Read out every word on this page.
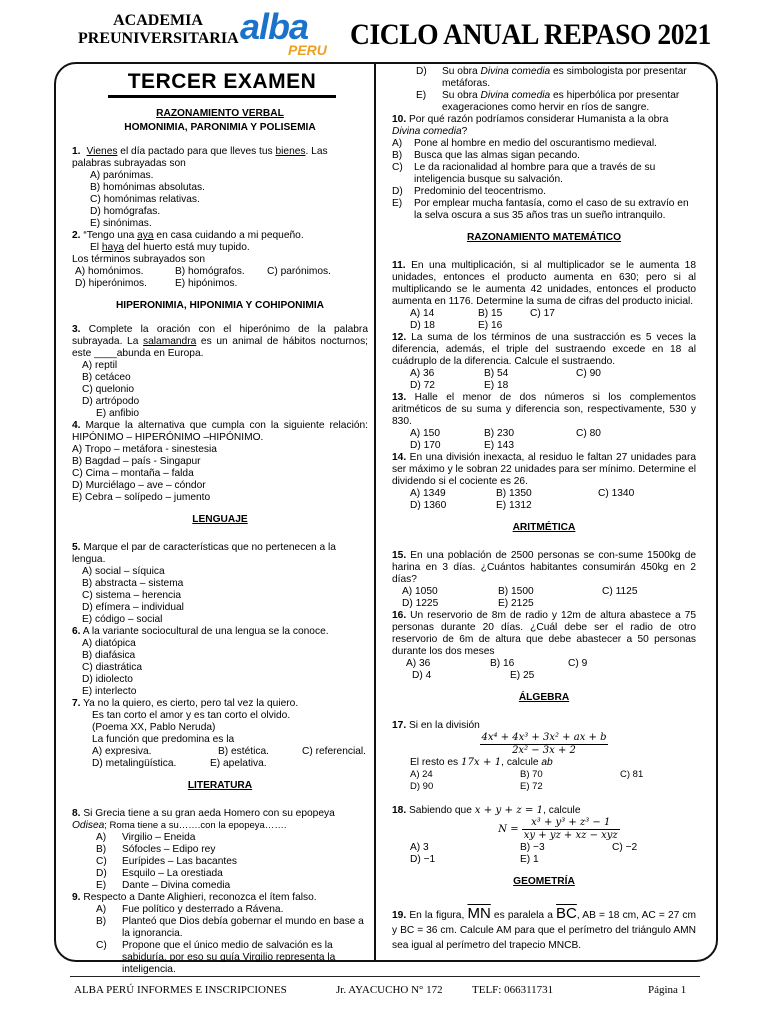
ACADEMIA
PREUNIVERSITARIA alba
PERU CICLO ANUAL REPASO 2021
TERCER EXAMEN
RAZONAMIENTO VERBAL
HOMONIMIA, PARONIMIA Y POLISEMIA
1. Vienes el día pactado para que lleves tus bienes. Las palabras subrayadas son
A) parónimas.
B) homónimas absolutas.
C) homónimas relativas.
D) homógrafas.
E) sinónimas.
2. “Tengo una aya en casa cuidando a mi pequeño.
El haya del huerto está muy tupido.
Los términos subrayados son
A) homónimos.	B) homógrafos.	C) parónimos.
D) hiperónimos.	E) hipónimos.
HIPERONIMIA, HIPONIMIA Y COHIPONIMIA
3. Complete la oración con el hiperónimo de la palabra subrayada. La salamandra es un animal de hábitos nocturnos; este ____abunda en Europa.
A) reptil
B) cetáceo
C) quelonio
D) artrópodo
E) anfibio
4. Marque la alternativa que cumpla con la siguiente relación: HIPÓNIMO – HIPERÓNIMO –HIPÓNIMO.
A) Tropo – metáfora - sinestesia
B) Bagdad – país - Singapur
C) Cima – montaña – falda
D) Murciélago – ave – cóndor
E) Cebra – solípedo – jumento
LENGUAJE
5. Marque el par de características que no pertenecen a la lengua.
A) social – síquica
B) abstracta – sistema
C) sistema – herencia
D) efímera – individual
E) código – social
6. A la variante sociocultural de una lengua se la conoce.
A) diatópica
B) diafásica
C) diastrática
D) idiolecto
E) interlecto
7. Ya no la quiero, es cierto, pero tal vez la quiero.
Es tan corto el amor y es tan corto el olvido.
(Poema XX, Pablo Neruda)
La función que predomina es la
A) expresiva.	B) estética.	C) referencial.
D) metalingüística.	E) apelativa.
LITERATURA
8. Si Grecia tiene a su gran aeda Homero con su epopeya Odisea; Roma tiene a su…….con la epopeya…….
A)	Virgilio – Eneida
B)	Sófocles – Edipo rey
C)	Eurípides – Las bacantes
D)	Esquilo – La orestiada
E)	Dante – Divina comedia
9. Respecto a Dante Alighieri, reconozca el ítem falso.
A)	Fue político y desterrado a Rávena.
B)	Planteó que Dios debía gobernar el mundo en base a la ignorancia.
C)	Propone que el único medio de salvación es la sabiduría, por eso su guía Virgilio representa la inteligencia.
D)	Su obra Divina comedia es simbologista por presentar metáforas.
E)	Su obra Divina comedia es hiperbólica por presentar exageraciones como hervir en ríos de sangre.
10. Por qué razón podríamos considerar Humanista a la obra Divina comedia?
A)	Pone al hombre en medio del oscurantismo medieval.
B)	Busca que las almas sigan pecando.
C)	Le da racionalidad al hombre para que a través de su inteligencia busque su salvación.
D)	Predominio del teocentrismo.
E)	Por emplear mucha fantasía, como el caso de su extravío en la selva oscura a sus 35 años tras un sueño intranquilo.
RAZONAMIENTO MATEMÁTICO
11. En una multiplicación, si al multiplicador se le aumenta 18 unidades, entonces el producto aumenta en 630; pero si al multiplicando se le aumenta 42 unidades, entonces el producto aumenta en 1176. Determine la suma de cifras del producto inicial.
A) 14	B) 15	C) 17
D) 18	E) 16
12. La suma de los términos de una sustracción es 5 veces la diferencia, además, el triple del sustraendo excede en 18 al cuádruplo de la diferencia. Calcule el sustraendo.
A) 36	B) 54	C) 90
D) 72	E) 18
13. Halle el menor de dos números si los complementos aritméticos de su suma y diferencia son, respectivamente, 530 y 830.
A) 150	B) 230	C) 80
D) 170	E) 143
14. En una división inexacta, al residuo le faltan 27 unidades para ser máximo y le sobran 22 unidades para ser mínimo. Determine el dividendo si el cociente es 26.
A) 1349	B) 1350	C) 1340
D) 1360	E) 1312
ARITMÉTICA
15. En una población de 2500 personas se con-sume 1500kg de harina en 3 días. ¿Cuántos habitantes consumirán 450kg en 2 días?
A) 1050	B) 1500	C) 1125
D) 1225	E) 2125
16. Un reservorio de 8m de radio y 12m de altura abastece a 75 personas durante 20 días. ¿Cuál debe ser el radio de otro reservorio de 6m de altura que debe abastecer a 50 personas durante los dos meses
A) 36	B) 16	C) 9
D) 4	E) 25
ÁLGEBRA
17. Si en la división
$\frac{\text{4x⁴ + 4x³ + 3x² + ax + b}}{\text{2x² − 3x + 2}}$
El resto es 17x + 1, calcule ab
A) 24	B) 70	C) 81
D) 90	E) 72
18. Sabiendo que x + y + z = 1, calcule
$N = \frac{\text{x³ + y³ + z³ − 1}}{\text{xy + yz + xz − xyz}}$
A) 3	B) −3	C) −2
D) −1	E) 1
GEOMETRÍA
19. En la figura, $\overline{MN}$ es paralela a $\overline{BC}$, AB = 18 cm, AC = 27 cm y BC = 36 cm. Calcule AM para que el perímetro del triángulo AMN sea igual al perímetro del trapecio MNCB.
ALBA PERÚ INFORMES E INSCRIPCIONES	Jr. AYACUCHO N° 172	TELF: 066311731	Página 1
